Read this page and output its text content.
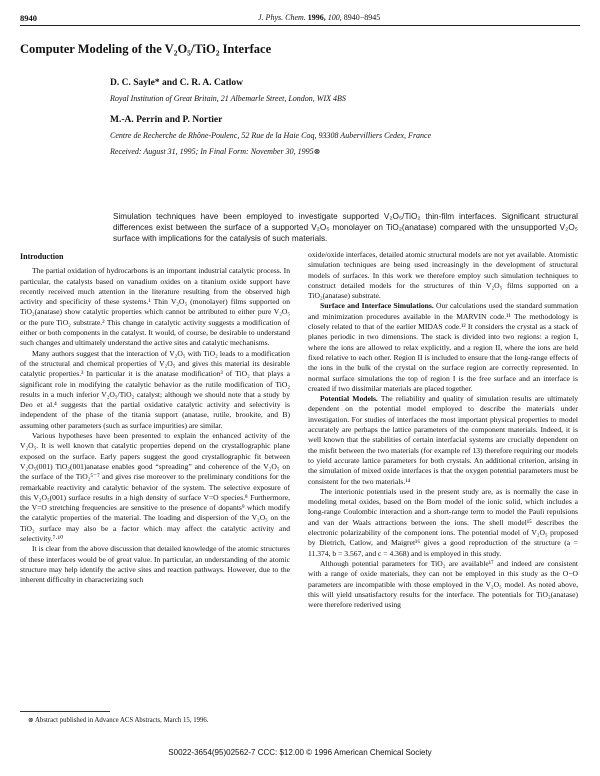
8940	J. Phys. Chem. 1996, 100, 8940−8945
Computer Modeling of the V₂O₅/TiO₂ Interface
D. C. Sayle* and C. R. A. Catlow
Royal Institution of Great Britain, 21 Albemarle Street, London, WIX 4BS
M.-A. Perrin and P. Nortier
Centre de Recherche de Rhône-Poulenc, 52 Rue de la Haie Coq, 93308 Aubervilliers Cedex, France
Received: August 31, 1995; In Final Form: November 30, 1995⊗

Simulation techniques have been employed to investigate supported V₂O₅/TiO₂ thin-film interfaces. Significant structural differences exist between the surface of a supported V₂O₅ monolayer on TiO₂(anatase) compared with the unsupported V₂O₅ surface with implications for the catalysis of such materials.

Introduction

The partial oxidation of hydrocarbons is an important industrial catalytic process. In particular, the catalysts based on vanadium oxides on a titanium oxide support have recently received much attention in the literature resulting from the observed high activity and specificity of these systems.¹ Thin V₂O₅ (monolayer) films supported on TiO₂(anatase) show catalytic properties which cannot be attributed to either pure V₂O₅ or the pure TiO₂ substrate.² This change in catalytic activity suggests a modification of either or both components in the catalyst. It would, of course, be desirable to understand such changes and ultimately understand the active sites and catalytic mechanisms.

Many authors suggest that the interaction of V₂O₅ with TiO₂ leads to a modification of the structural and chemical properties of V₂O₅ and gives this material its desirable catalytic properties.³ In particular it is the anatase modification³ of TiO₂ that plays a significant role in modifying the catalytic behavior as the rutile modification of TiO₂ results in a much inferior V₂O₅/TiO₂ catalyst; although we should note that a study by Deo et al.⁴ suggests that the partial oxidative catalytic activity and selectivity is independent of the phase of the titania support (anatase, rutile, brookite, and B) assuming other parameters (such as surface impurities) are similar.

Various hypotheses have been presented to explain the enhanced activity of the V₂O₅. It is well known that catalytic properties depend on the crystallographic plane exposed on the surface. Early papers suggest the good crystallographic fit between V₂O₅(001) TiO₂(001)anatase enables good “spreading” and coherence of the V₂O₅ on the surface of the TiO₂⁵⁻⁷ and gives rise moreover to the preliminary conditions for the remarkable reactivity and catalytic behavior of the system. The selective exposure of this V₂O₅(001) surface results in a high density of surface V=O species.⁸ Furthermore, the V=O stretching frequencies are sensitive to the presence of dopants⁹ which modify the catalytic properties of the material. The loading and dispersion of the V₂O₅ on the TiO₂ surface may also be a factor which may affect the catalytic activity and selectivity.⁷·¹⁰

It is clear from the above discussion that detailed knowledge of the atomic structures of these interfaces would be of great value. In particular, an understanding of the atomic structure may help identify the active sites and reaction pathways. However, due to the inherent difficulty in characterizing such

oxide/oxide interfaces, detailed atomic structural models are not yet available. Atomistic simulation techniques are being used increasingly in the development of structural models of surfaces. In this work we therefore employ such simulation techniques to construct detailed models for the structures of thin V₂O₅ films supported on a TiO₂(anatase) substrate.

Surface and Interface Simulations. Our calculations used the standard summation and minimization procedures available in the MARVIN code.¹¹ The methodology is closely related to that of the earlier MIDAS code.¹² It considers the crystal as a stack of planes periodic in two dimensions. The stack is divided into two regions: a region I, where the ions are allowed to relax explicitly, and a region II, where the ions are held fixed relative to each other. Region II is included to ensure that the long-range effects of the ions in the bulk of the crystal on the surface region are correctly represented. In normal surface simulations the top of region I is the free surface and an interface is created if two dissimilar materials are placed together.

Potential Models. The reliability and quality of simulation results are ultimately dependent on the potential model employed to describe the materials under investigation. For studies of interfaces the most important physical properties to model accurately are perhaps the lattice parameters of the component materials. Indeed, it is well known that the stabilities of certain interfacial systems are crucially dependent on the misfit between the two materials (for example ref 13) therefore requiring our models to yield accurate lattice parameters for both crystals. An additional criterion, arising in the simulation of mixed oxide interfaces is that the oxygen potential parameters must be consistent for the two materials.¹⁴

The interionic potentials used in the present study are, as is normally the case in modeling metal oxides, based on the Born model of the ionic solid, which includes a long-range Coulombic interaction and a short-range term to model the Pauli repulsions and van der Waals attractions between the ions. The shell model¹⁵ describes the electronic polarizability of the component ions. The potential model of V₂O₅ proposed by Dietrich, Catlow, and Maigret¹⁶ gives a good reproduction of the structure (a = 11.374, b = 3.567, and c = 4.368) and is employed in this study.

Although potential parameters for TiO₂ are available¹⁷ and indeed are consistent with a range of oxide materials, they can not be employed in this study as the O−O parameters are incompatible with those employed in the V₂O₅ model. As noted above, this will yield unsatisfactory results for the interface. The potentials for TiO₂(anatase) were therefore rederived using

⊗ Abstract published in Advance ACS Abstracts, March 15, 1996.
S0022-3654(95)02562-7 CCC: $12.00 © 1996 American Chemical Society
